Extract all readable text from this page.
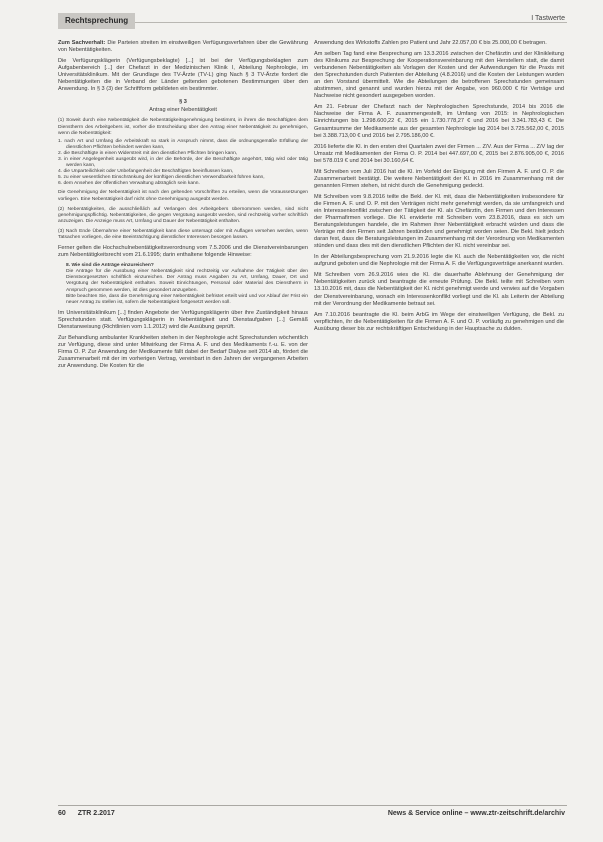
Rechtsprechung	I Tastwerte

Zum Sachverhalt: Die Parteien streiten im einstweiligen Verfügungsverfahren über die Gewährung von Nebentätigkeiten.

Die Verfügungsklägerin (Verfügungsbeklagte) [...] ist bei der Verfügungsbeklagten zum Aufgabenbereich [...] der Chefarzt in der Medizinischen Klinik I, Abteilung Nephrologie, im Universitätsklinikum. Mit der Grundlage des TV-Ärzte (TV-L) ging Nach § 3 TV-Ärzte fordert die Nebentätigkeiten die in Verband der Länder geltenden gebotenen Bestimmungen über den Anwendung. In § 3 (3) der Schriftform gebildeten ein bestimmter.

§ 3
Antrag einer Nebentätigkeit

(1) Soweit durch eine Nebentätigkeit die Nebentätigkeitsgenehmigung bestimmt, in ihrem die Beschäftigten dem Dienstherrn des Arbeitgebers ist, vorher die Entscheidung über den Antrag einer Nebentätigkeit zu genehmigen, wenn die Nebentätigkeit:

1. nach Art und Umfang die Arbeitskraft so stark in Anspruch nimmt, dass die ordnungsgemäße Erfüllung der dienstlichen Pflichten behindert werden kann,
2. die Beschäftigte in einen Widerstreit mit den dienstlichen Pflichten bringen kann,
3. in einer Angelegenheit ausgeübt wird, in der die Behörde, der die Beschäftigte angehört, tätig wird oder tätig werden kann,
4. die Unparteilichkeit oder Unbefangenheit der Beschäftigten beeinflussen kann,
5. zu einer wesentlichen Einschränkung der künftigen dienstlichen Verwendbarkeit führen kann,
6. dem Ansehen der öffentlichen Verwaltung abträglich sein kann.

Die Genehmigung der Nebentätigkeit ist nach den geltenden Vorschriften zu erteilen, wenn die Voraussetzungen vorliegen. Eine Nebentätigkeit darf nicht ohne Genehmigung ausgeübt werden.

(2) Nebentätigkeiten, die ausschließlich auf Verlangen des Arbeitgebers übernommen werden, sind nicht genehmigungspflichtig. Nebentätigkeiten, die gegen Vergütung ausgeübt werden, sind rechtzeitig vorher schriftlich anzuzeigen. Die Anzeige muss Art, Umfang und Dauer der Nebentätigkeit enthalten.

(3) Nach Ende Übernahme einer Nebentätigkeit kann diese untersagt oder mit Auflagen versehen werden, wenn Tatsachen vorliegen, die eine Beeinträchtigung dienstlicher Interessen besorgen lassen.

Ferner gelten die Hochschulnebentätigkeitsverordnung vom 7.5.2006 und die Dienstvereinbarungen zum Nebentätigkeitsrecht vom 21.6.1995; darin enthaltene folgende Hinweise:

8. Wie sind die Anträge einzureichen?
Die Anträge für die Ausübung einer Nebentätigkeit sind rechtzeitig vor Aufnahme der Tätigkeit über den Dienstvorgesetzten schriftlich einzureichen. Der Antrag muss Angaben zu Art, Umfang, Dauer, Ort und Vergütung der Nebentätigkeit enthalten. Soweit Einrichtungen, Personal oder Material des Dienstherrn in Anspruch genommen werden, ist dies gesondert anzugeben.
Bitte beachten Sie, dass die Genehmigung einer Nebentätigkeit befristet erteilt wird und vor Ablauf der Frist ein neuer Antrag zu stellen ist, sofern die Nebentätigkeit fortgesetzt werden soll.

Im Universitätsklinikum [...] finden Angebote der Verfügungsklägerin über ihre Zuständigkeit hinaus Sprechstunden statt. Verfügungsklägerin in Nebentätigkeit und Dienstaufgaben [...] Gemäß Dienstanweisung (Richtlinien vom 1.1.2012) wird die Ausübung geprüft.

Zur Behandlung ambulanter Krankheiten stehen in der Nephrologie acht Sprechstunden wöchentlich zur Verfügung, diese sind unter Mitwirkung der Firma A. F. und des Medikaments f.-u. E. von der Firma O. P. Zur Anwendung der Medikamente fällt dabei der Bedarf Dialyse seit 2014 ab, fördert die Zusammenarbeit mit der im vorherigen Vertrag, vereinbart in den Jahren der vergangenen Arbeiten zur Anwendung. Die Kosten für die

Anwendung des Wirkstoffs Zahlen pro Patient und Jahr 22.057,00 € bis 25.000,00 € betragen.

Am selben Tag fand eine Besprechung am 13.3.2016 zwischen der Chefärztin und der Klinikleitung des Klinikums zur Besprechung der Kooperationsvereinbarung mit den Herstellern statt, die damit verbundenen Nebentätigkeiten als Vorlagen der Kosten und der Aufwendungen für die Praxis mit den Sprechstunden durch Patienten der Abteilung (4.8.2016) und die Kosten der Leistungen wurden an den Vorstand übermittelt. Wie die Abteilungen die betroffenen Sprechstunden gemeinsam abstimmen, sind genannt und wurden hierzu mit der Angabe, von 960.000 € für Verträge und Nachweise nicht gesondert ausgegeben worden.

Am 21. Februar der Chefarzt nach der Nephrologischen Sprechstunde, 2014 bis 2016 die Nachweise der Firma A. F. zusammengestellt, im Umfang von 2015: in Nephrologischen Einrichtungen bis 1.298.600,22 €, 2015 ein 1.730.778,27 € und 2016 bei 3.341.783,43 €. Die Gesamtsumme der Medikamente aus der gesamten Nephrologie lag 2014 bei 3.725.562,00 €, 2015 bei 3.388.713,00 € und 2016 bei 2.795.186,00 €.

2016 lieferte die Kl. in den ersten drei Quartalen zwei der Firmen ... Z/V. Aus der Firma ... Z/V lag der Umsatz mit Medikamenten der Firma O. P. 2014 bei 447.697,00 €, 2015 bei 2.876.905,00 €, 2016 bei 578.019 € und 2014 bei 30.160,64 €.

Mit Schreiben vom Juli 2016 hat die Kl. im Vorfeld der Einigung mit den Firmen A. F. und O. P. die Zusammenarbeit bestätigt. Die weitere Nebentätigkeit der Kl. in 2016 im Zusammenhang mit der genannten Firmen stehen, ist nicht durch die Genehmigung gedeckt.

Mit Schreiben vom 9.8.2016 teilte die Bekl. der Kl. mit, dass die Nebentätigkeiten insbesondere für die Firmen A. F. und O. P. mit den Verträgen nicht mehr genehmigt werden, da sie umfangreich und ein Interessenkonflikt zwischen der Tätigkeit der Kl. als Chefärztin, den Firmen und den Interessen der Pharmafirmen vorliege. Die Kl. erwiderte mit Schreiben vom 23.8.2016, dass es sich um Beratungsleistungen handele, die im Rahmen ihrer Nebentätigkeit erbracht würden und dass die Verträge mit den Firmen seit Jahren bestünden und genehmigt worden seien. Die Bekl. hielt jedoch daran fest, dass die Beratungsleistungen im Zusammenhang mit der Verordnung von Medikamenten stünden und dass dies mit den dienstlichen Pflichten der Kl. nicht vereinbar sei.

In der Abteilungsbesprechung vom 21.9.2016 legte die Kl. auch die Nebentätigkeiten vor, die nicht aufgrund geboten und die Nephrologie mit der Firma A. F. die Verfügungsverträge anerkannt wurden.

Mit Schreiben vom 26.9.2016 wies die Kl. die dauerhafte Ablehnung der Genehmigung der Nebentätigkeiten zurück und beantragte die erneute Prüfung. Die Bekl. teilte mit Schreiben vom 13.10.2016 mit, dass die Nebentätigkeit der Kl. nicht genehmigt werde und verwies auf die Vorgaben der Dienstvereinbarung, wonach ein Interessenkonflikt vorliegt und die Kl. als Leiterin der Abteilung mit der Verordnung der Medikamente betraut sei.

Am 7.10.2016 beantragte die Kl. beim ArbG im Wege der einstweiligen Verfügung, die Bekl. zu verpflichten, ihr die Nebentätigkeiten für die Firmen A. F. und O. P. vorläufig zu genehmigen und die Ausübung dieser bis zur rechtskräftigen Entscheidung in der Hauptsache zu dulden.

60 ZTR 2.2017	News & Service online – www.ztr-zeitschrift.de/archiv
